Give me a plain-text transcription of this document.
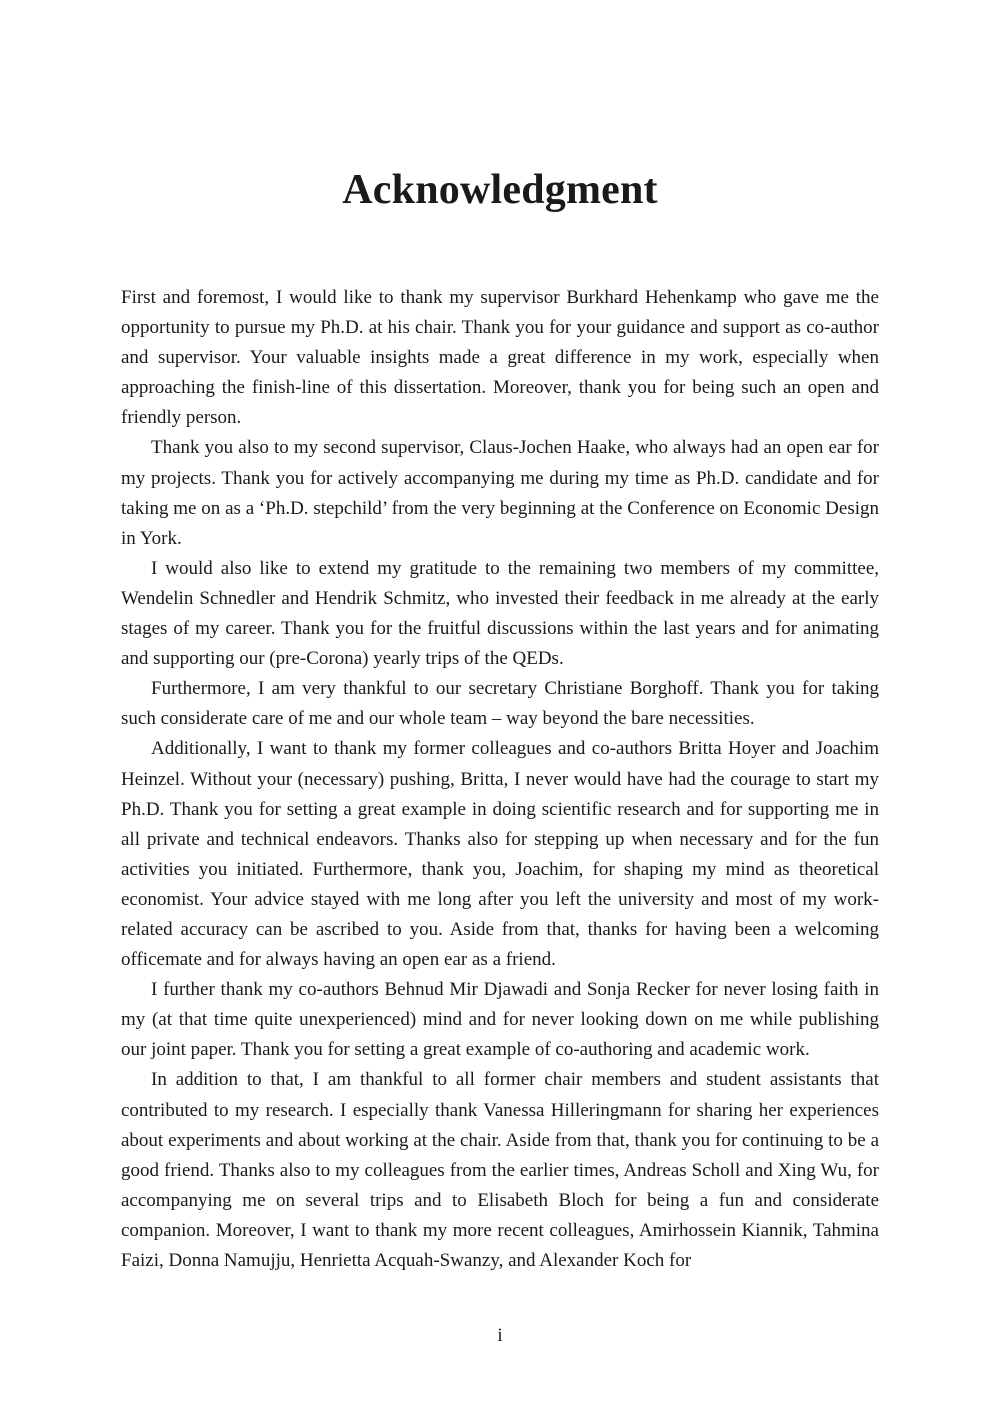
Acknowledgment

First and foremost, I would like to thank my supervisor Burkhard Hehenkamp who gave me the opportunity to pursue my Ph.D. at his chair. Thank you for your guidance and support as co-author and supervisor. Your valuable insights made a great difference in my work, especially when approaching the finish-line of this dissertation. Moreover, thank you for being such an open and friendly person.

Thank you also to my second supervisor, Claus-Jochen Haake, who always had an open ear for my projects. Thank you for actively accompanying me during my time as Ph.D. candidate and for taking me on as a ‘Ph.D. stepchild’ from the very beginning at the Conference on Economic Design in York.

I would also like to extend my gratitude to the remaining two members of my committee, Wendelin Schnedler and Hendrik Schmitz, who invested their feedback in me already at the early stages of my career. Thank you for the fruitful discussions within the last years and for animating and supporting our (pre-Corona) yearly trips of the QEDs.

Furthermore, I am very thankful to our secretary Christiane Borghoff. Thank you for taking such considerate care of me and our whole team – way beyond the bare necessities.

Additionally, I want to thank my former colleagues and co-authors Britta Hoyer and Joachim Heinzel. Without your (necessary) pushing, Britta, I never would have had the courage to start my Ph.D. Thank you for setting a great example in doing scientific research and for supporting me in all private and technical endeavors. Thanks also for stepping up when necessary and for the fun activities you initiated. Furthermore, thank you, Joachim, for shaping my mind as theoretical economist. Your advice stayed with me long after you left the university and most of my work-related accuracy can be ascribed to you. Aside from that, thanks for having been a welcoming officemate and for always having an open ear as a friend.

I further thank my co-authors Behnud Mir Djawadi and Sonja Recker for never losing faith in my (at that time quite unexperienced) mind and for never looking down on me while publishing our joint paper. Thank you for setting a great example of co-authoring and academic work.

In addition to that, I am thankful to all former chair members and student assistants that contributed to my research. I especially thank Vanessa Hilleringmann for sharing her experiences about experiments and about working at the chair. Aside from that, thank you for continuing to be a good friend. Thanks also to my colleagues from the earlier times, Andreas Scholl and Xing Wu, for accompanying me on several trips and to Elisabeth Bloch for being a fun and considerate companion. Moreover, I want to thank my more recent colleagues, Amirhossein Kiannik, Tahmina Faizi, Donna Namujju, Henrietta Acquah-Swanzy, and Alexander Koch for

i
